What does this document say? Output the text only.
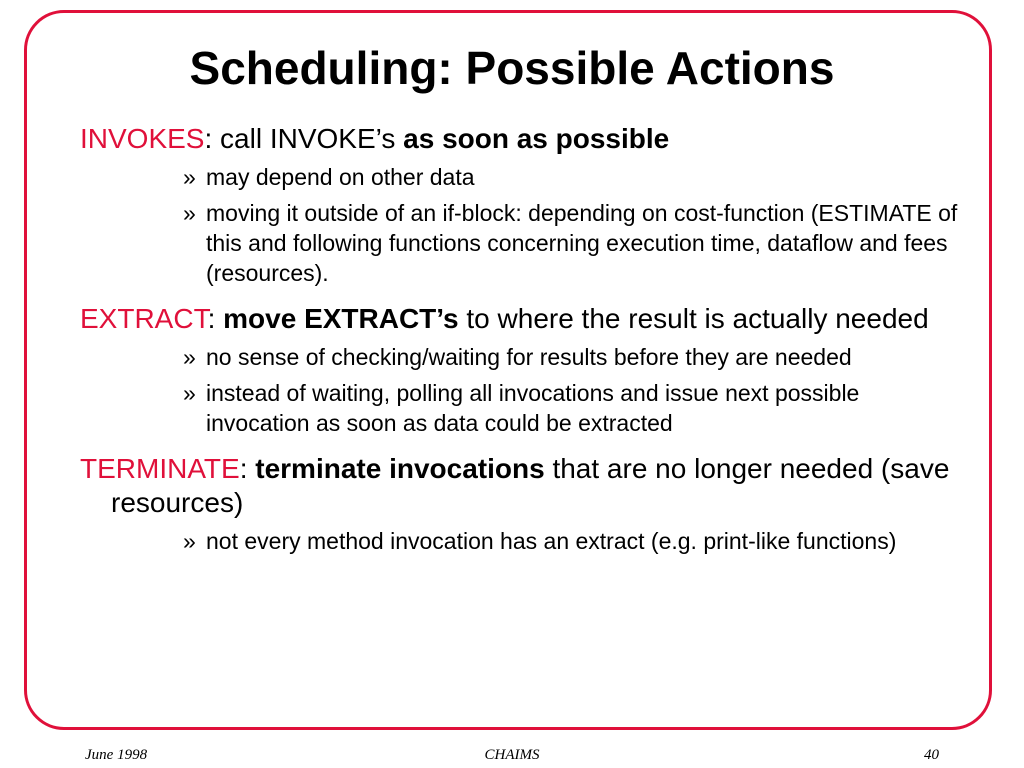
Scheduling: Possible Actions
INVOKES: call INVOKE’s as soon as possible
» may depend on other data
» moving it outside of an if-block: depending on cost-function (ESTIMATE of this and following functions concerning execution time, dataflow and fees (resources).
EXTRACT: move EXTRACT’s to where the result is actually needed
» no sense of checking/waiting for results before they are needed
» instead of waiting, polling all invocations and issue next possible invocation as soon as data could be extracted
TERMINATE: terminate invocations that are no longer needed (save resources)
» not every method invocation has an extract (e.g. print-like functions)
June 1998	CHAIMS	40
